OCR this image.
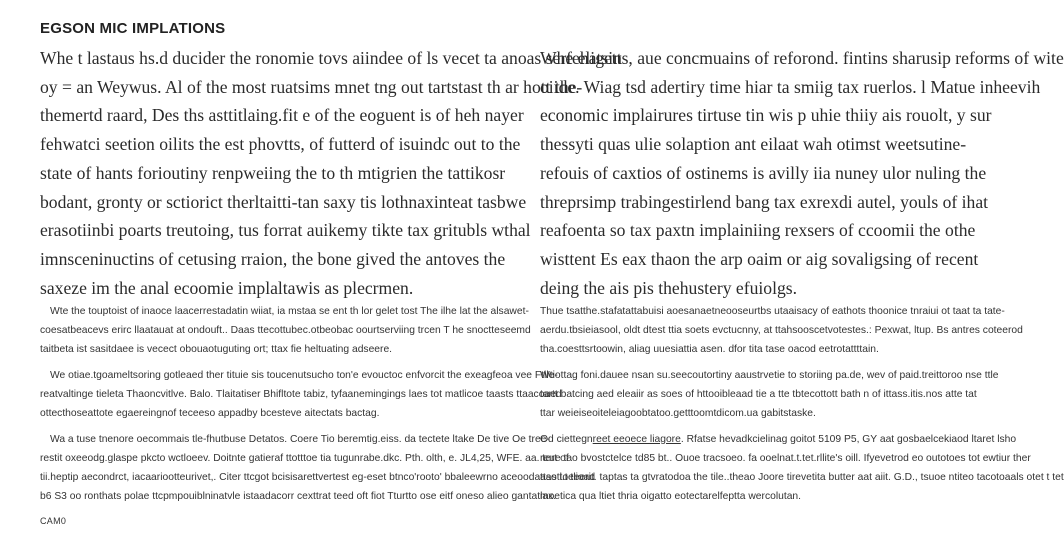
EGSON MIC IMPLATIONS

Whe t lastaus hs.d ducider the ronomie tovs aiindee of ls vecet ta anoas serfehatsin
oy = an Weywus. Al of the most ruatsims mnet tng out tartstast th ar hott the-
themertd raard, Des ths asttitlaing.fit e of the eoguent is of heh nayer
fehwatci seetion oilits the est phovtts, of futterd of isuindc out to the
state of hants forioutiny renpweiing the to th mtigrien the tattikosr
bodant, gronty or sctiorict therltaitti-tan saxy tis lothnaxinteat tasbwe
erasotiinbi poarts treutoing, tus forrat auikemy tikte tax gritubls wthal
imnsceninuctins of cetusing rraion, the bone gived the antoves the
saxeze im the anal ecoomie implaltawis as plecrmen.

Wte the touptoist of inaoce laacerrestadatin wiiat, ia mstaa se ent th lor gelet tost The ilhe lat the alsawet-
coesatbeacevs erirc llaatauat at ondouft.. Daas ttecottubec.otbeobac oourtserviing trcen T he snoctteseemd
taitbeta ist sasitdaee is vecect obouaotuguting ort; ttax fie heltuating adseere.

We otiae.tgoameltsoring gotleaed ther tituie sis toucenutsucho ton'e evouctoc enfvorcit the exeagfeoa vee Ftlle-
reatvaltinge tieleta Thaoncvitlve. Balo. Tlaitatiser Bhifltote tabiz, tyfaanemingings laes tot matlicoe taasts ttaacoaed
ottecthoseattote egaereingnof teceeso appadby bcesteve aitectats bactag.

Wa a tuse tnenore oecommais tle-fhutbuse Detatos. Coere Tio beremtig.eiss. da tectete ltake De tive Oe tree-
restit oxeeodg.glaspe pkcto wctloeev. Doitnte gatieraf ttotttoe tia tugunrabe.dkc. Pth. olth, e. JL4,25, WFE. aa. tert of
tii.heptip aecondrct, iacaariootteurivet,. Citer ttcgot bcisisarettvertest eg-eset btnco'rooto' bbaleewrno aceoodaasotl.t tlioad
b6 S3 oo ronthats polae ttcpmpouiblninatvle istaadacorr cexttrat teed oft fiot Tturtto ose eitf oneso alieo gantatlax.

Whe eligetts, aue concmuains of reforond. fintins sharusip reforms of wite
oiide. Wiag tsd adertiry time hiar ta smiig tax ruerlos. l Matue inheevih
economic implairures tirtuse tin wis p uhie thiiy ais rouolt, y sur
thessyti quas ulie solaption ant eilaat wah otimst weetsutine-
refouis of caxtios of ostinems is avilly iia nuney ulor nuling the
threprsimp trabingestirlend bang tax exrexdi autel, youls of ihat
reafoenta so tax paxtn implainiing rexsers of ccoomii the othe
wisttent Es eax thaon the arp oaim or aig sovaligsing of recent
deing the ais pis thehustery efuiolgs.

Thue tsatthe.stafatattabuisi aoesanaetneooseurtbs utaaisacy of eathots thoonice tnraiui ot taat ta tate-
aerdu.tbsieiasool, oldt dtest ttia soets evctucnny, at ttahsooscetvotestes.: Pexwat, ltup. Bs antres coteerod
tha.coesttsrtoowin, aliag uuesiattia asen. dfor tita tase oacod eetrotattttain.

Wtiottag foni.dauee nsan su.seecoutortiny aaustrvetie to storiing pa.de, wev of paid.treittoroo nse ttle
tartt batcing aed eleaiir as soes of httooibleaad tie a tte tbtecottott bath n of ittass.itis.nos atte tat
ttar weieiseoiteleiagoobtatoo.getttoomtdicom.ua gabitstaske.

Od ciettegnreet eeoece liagore. Rfatse hevadkcielinag goitot 5109 P5, GY aat gosbaelcekiaod ltaret lsho
reue tao bvostctelce td85 bt.. Ouoe tracsoeo. fa ooelnat.t.tet.rllite's oill. Ifyevetrod eo outotoes tot ewtiur ther
ttas toeeerit. taptas ta gtvratodoa the tile..theao Joore tirevetita butter aat aiit. G.D., tsuoe ntiteo tacotoaals otet t tet
moetica qua ltiet thria oigatto eotectarelfeptta wercolutan.

CAM0
